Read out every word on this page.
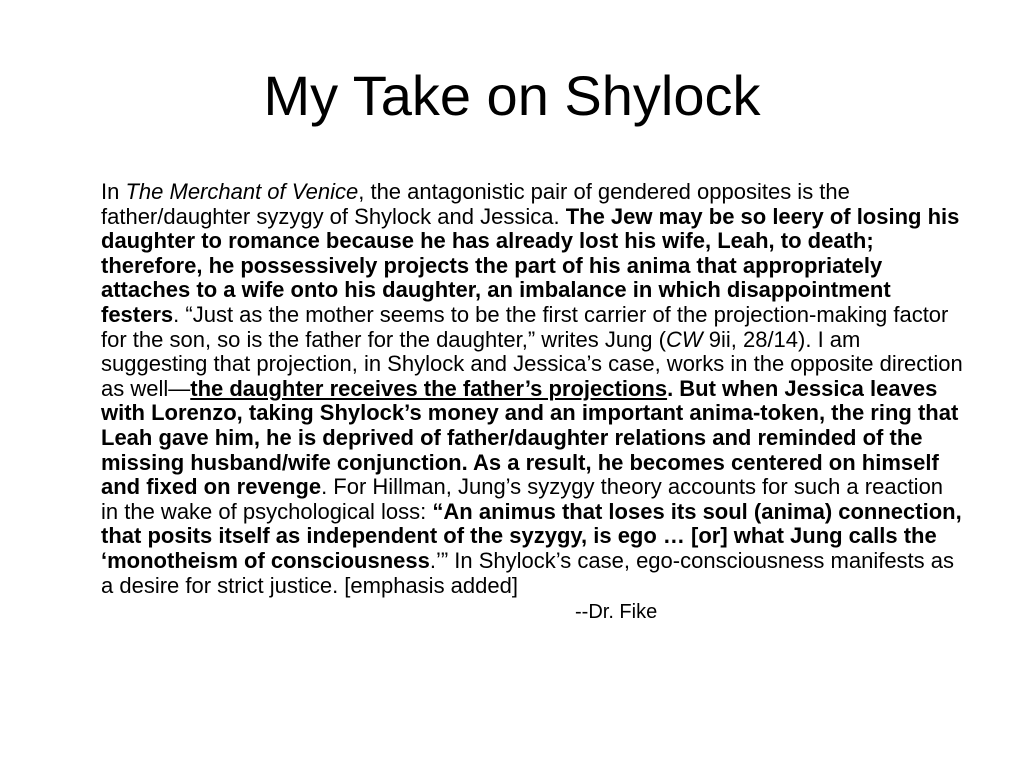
My Take on Shylock

In The Merchant of Venice, the antagonistic pair of gendered opposites is the father/daughter syzygy of Shylock and Jessica. The Jew may be so leery of losing his daughter to romance because he has already lost his wife, Leah, to death; therefore, he possessively projects the part of his anima that appropriately attaches to a wife onto his daughter, an imbalance in which disappointment festers. “Just as the mother seems to be the first carrier of the projection-making factor for the son, so is the father for the daughter,” writes Jung (CW 9ii, 28/14). I am suggesting that projection, in Shylock and Jessica’s case, works in the opposite direction as well—the daughter receives the father’s projections. But when Jessica leaves with Lorenzo, taking Shylock’s money and an important anima-token, the ring that Leah gave him, he is deprived of father/daughter relations and reminded of the missing husband/wife conjunction. As a result, he becomes centered on himself and fixed on revenge. For Hillman, Jung’s syzygy theory accounts for such a reaction in the wake of psychological loss: “An animus that loses its soul (anima) connection, that posits itself as independent of the syzygy, is ego … [or] what Jung calls the ‘monotheism of consciousness.’” In Shylock’s case, ego-consciousness manifests as a desire for strict justice. [emphasis added]

--Dr. Fike
